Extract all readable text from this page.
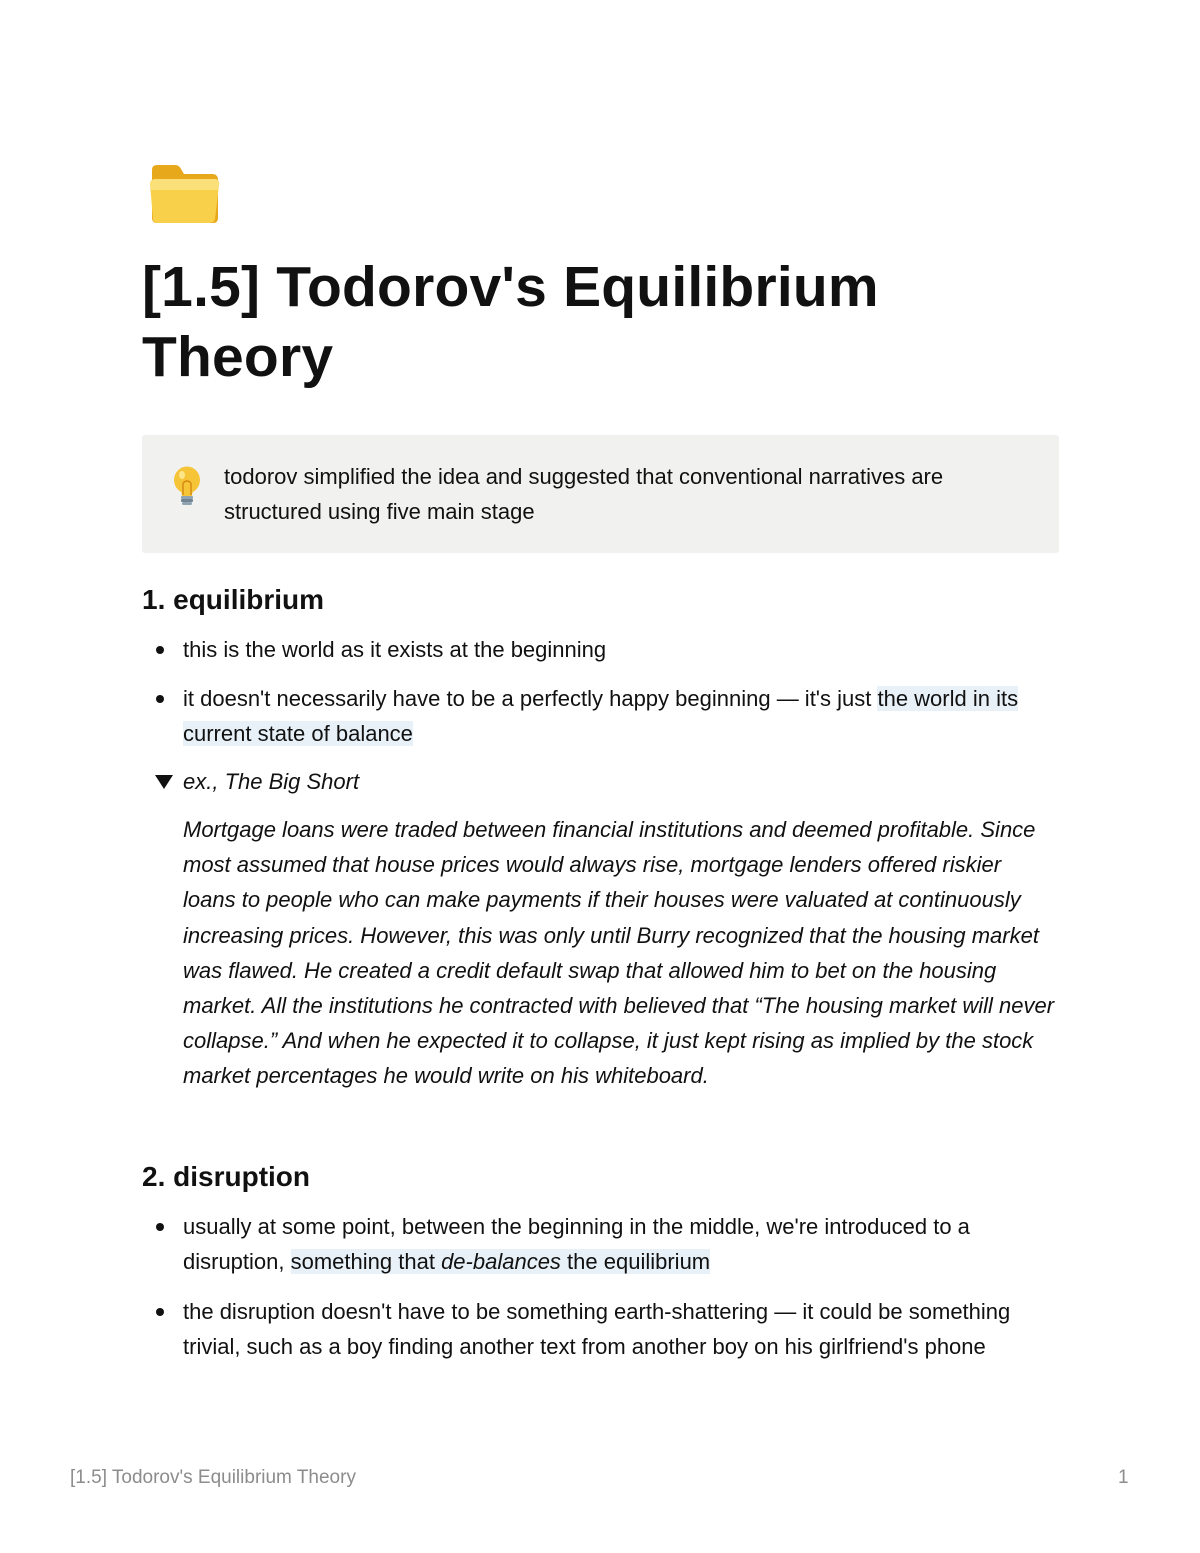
[1.5] Todorov's Equilibrium Theory
todorov simplified the idea and suggested that conventional narratives are structured using five main stage
1. equilibrium
this is the world as it exists at the beginning
it doesn't necessarily have to be a perfectly happy beginning — it's just the world in its current state of balance
ex., The Big Short

Mortgage loans were traded between financial institutions and deemed profitable. Since most assumed that house prices would always rise, mortgage lenders offered riskier loans to people who can make payments if their houses were valuated at continuously increasing prices. However, this was only until Burry recognized that the housing market was flawed. He created a credit default swap that allowed him to bet on the housing market. All the institutions he contracted with believed that “The housing market will never collapse.” And when he expected it to collapse, it just kept rising as implied by the stock market percentages he would write on his whiteboard.

2. disruption
usually at some point, between the beginning in the middle, we're introduced to a disruption, something that de-balances the equilibrium
the disruption doesn't have to be something earth-shattering — it could be something trivial, such as a boy finding another text from another boy on his girlfriend's phone
[1.5] Todorov's Equilibrium Theory	1
